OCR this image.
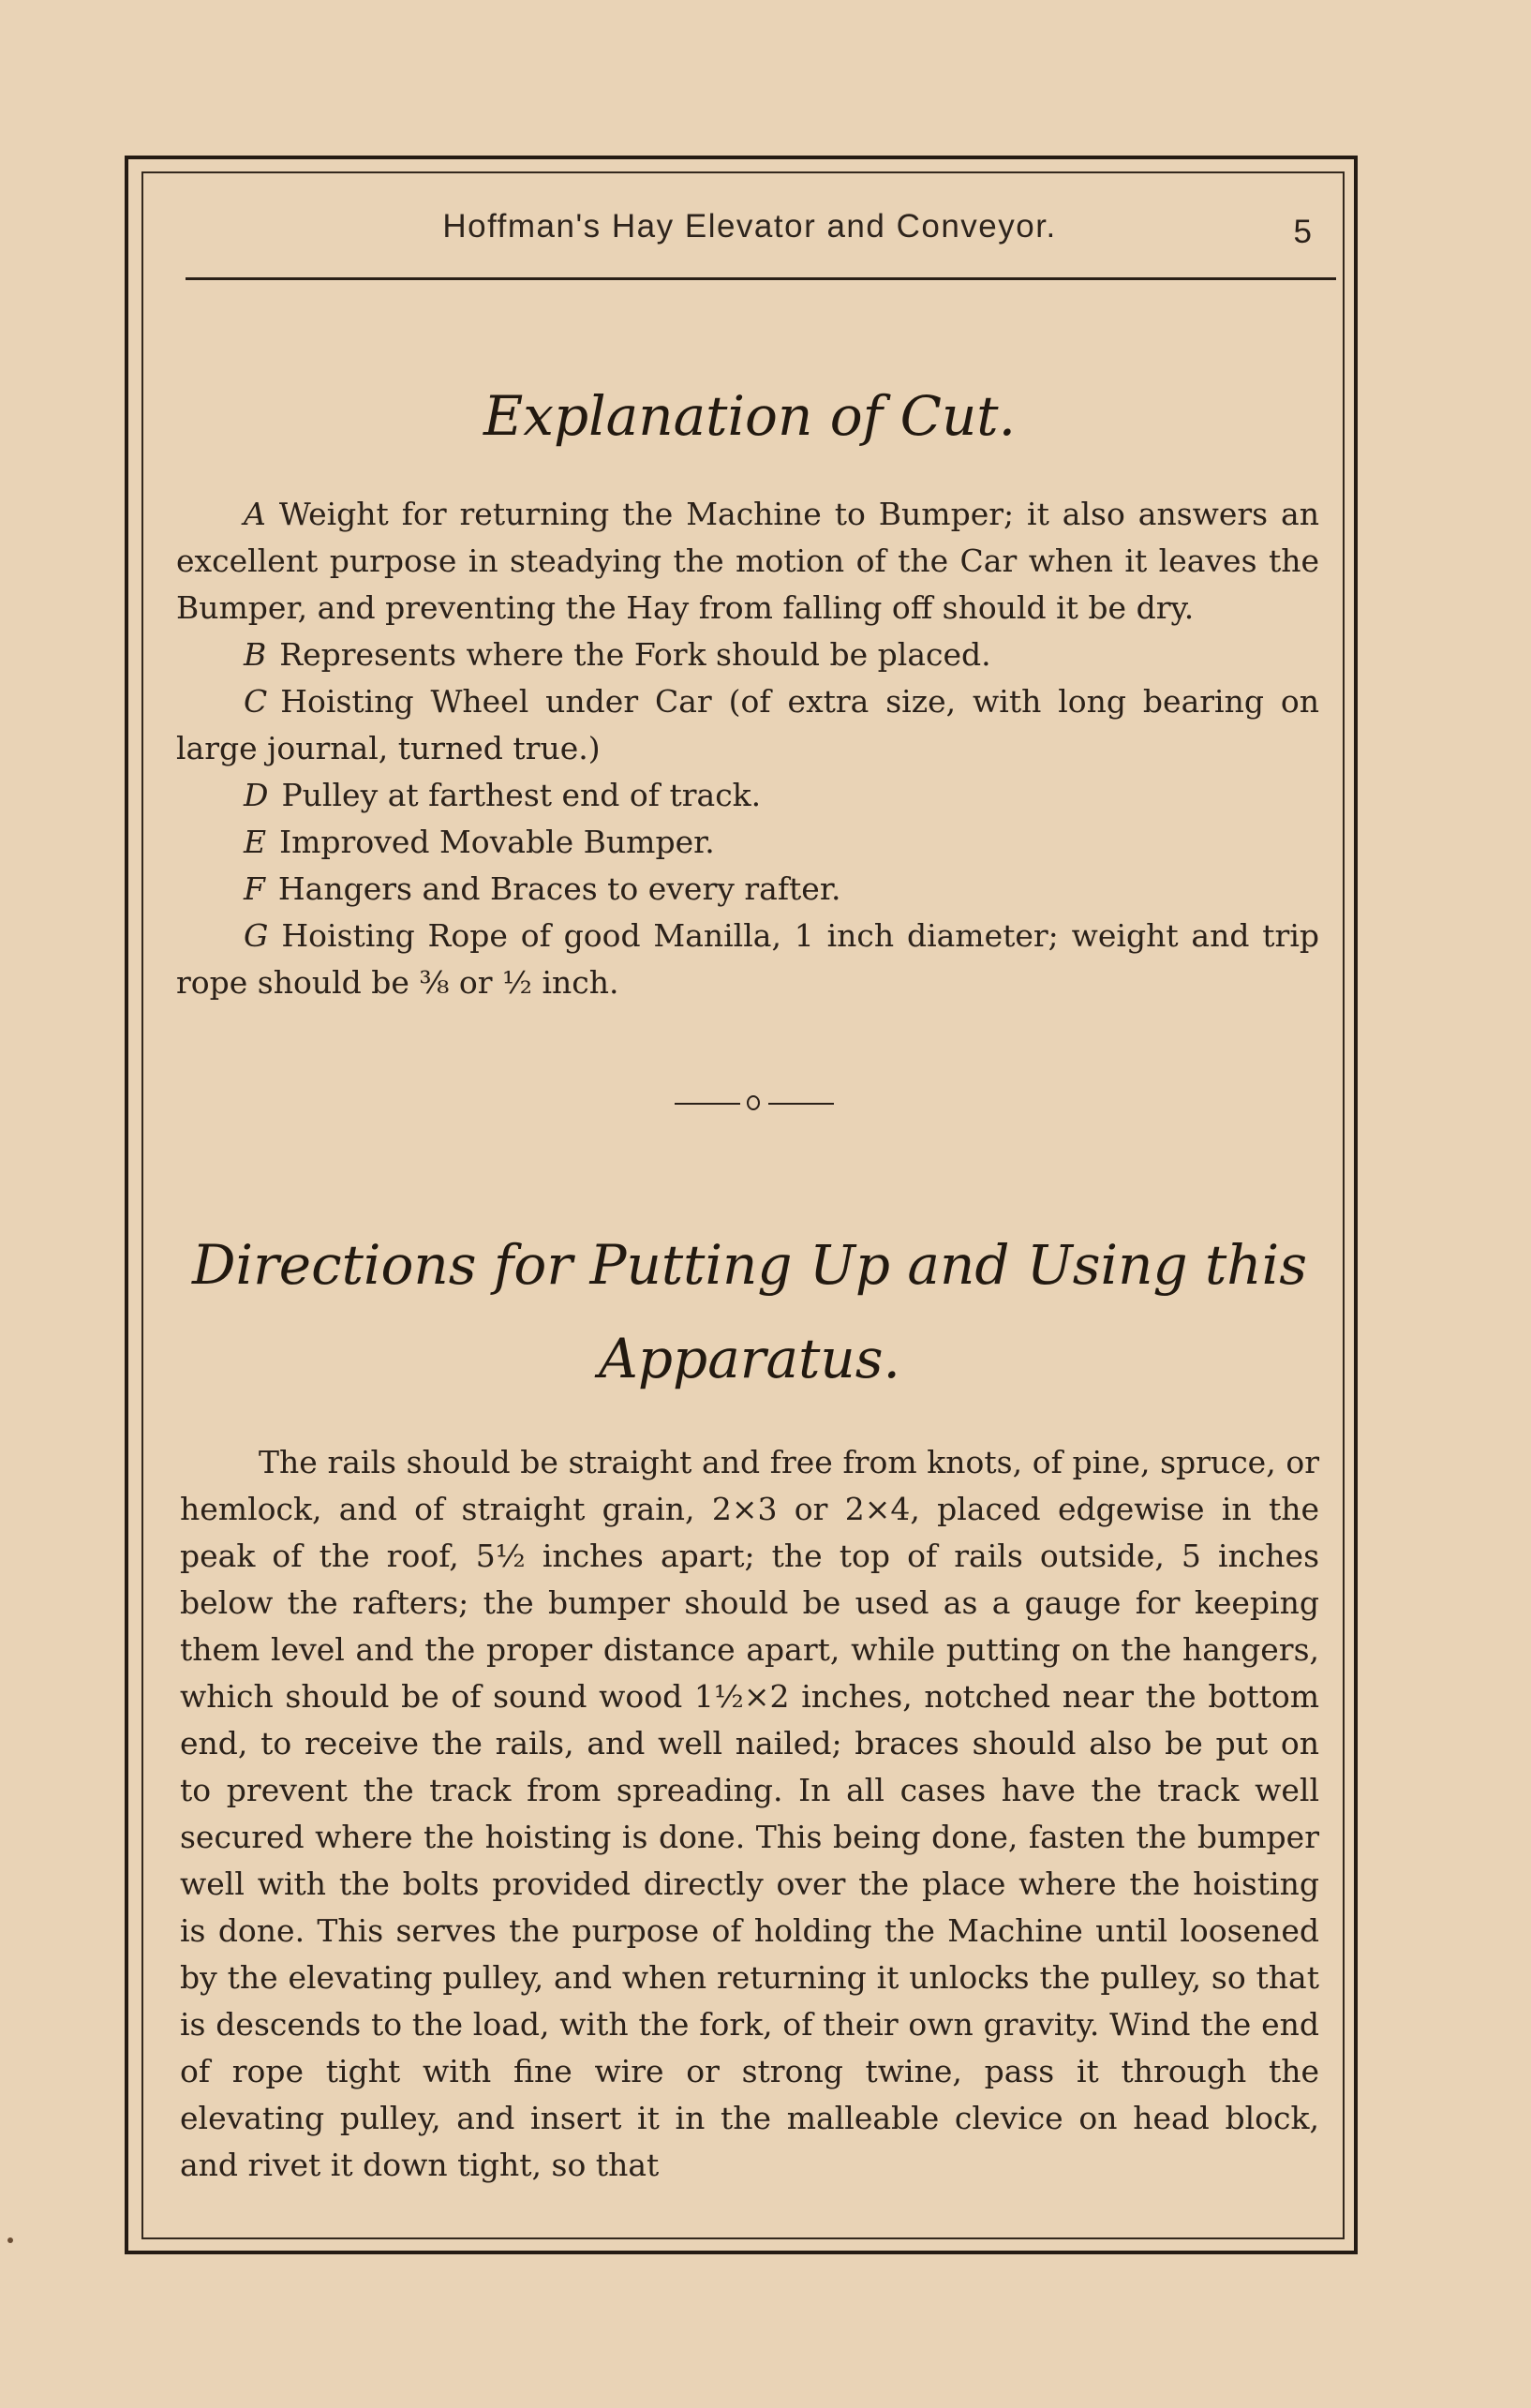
Hoffman's Hay Elevator and Conveyor.	5
Explanation of Cut.
A Weight for returning the Machine to Bumper; it also answers an excellent purpose in steadying the motion of the Car when it leaves the Bumper, and preventing the Hay from falling off should it be dry.
B Represents where the Fork should be placed.
C Hoisting Wheel under Car (of extra size, with long bearing on large journal, turned true.)
D Pulley at farthest end of track.
E Improved Movable Bumper.
F Hangers and Braces to every rafter.
G Hoisting Rope of good Manilla, 1 inch diameter; weight and trip rope should be ⅜ or ½ inch.
Directions for Putting Up and Using this Apparatus.
The rails should be straight and free from knots, of pine, spruce, or hemlock, and of straight grain, 2×3 or 2×4, placed edgewise in the peak of the roof, 5½ inches apart; the top of rails outside, 5 inches below the rafters; the bumper should be used as a gauge for keeping them level and the proper distance apart, while putting on the hangers, which should be of sound wood 1½×2 inches, notched near the bottom end, to receive the rails, and well nailed; braces should also be put on to prevent the track from spreading. In all cases have the track well secured where the hoisting is done. This being done, fasten the bumper well with the bolts provided directly over the place where the hoisting is done. This serves the purpose of holding the Machine until loosened by the elevating pulley, and when returning it unlocks the pulley, so that is descends to the load, with the fork, of their own gravity. Wind the end of rope tight with fine wire or strong twine, pass it through the elevating pulley, and insert it in the malleable clevice on head block, and rivet it down tight, so that
